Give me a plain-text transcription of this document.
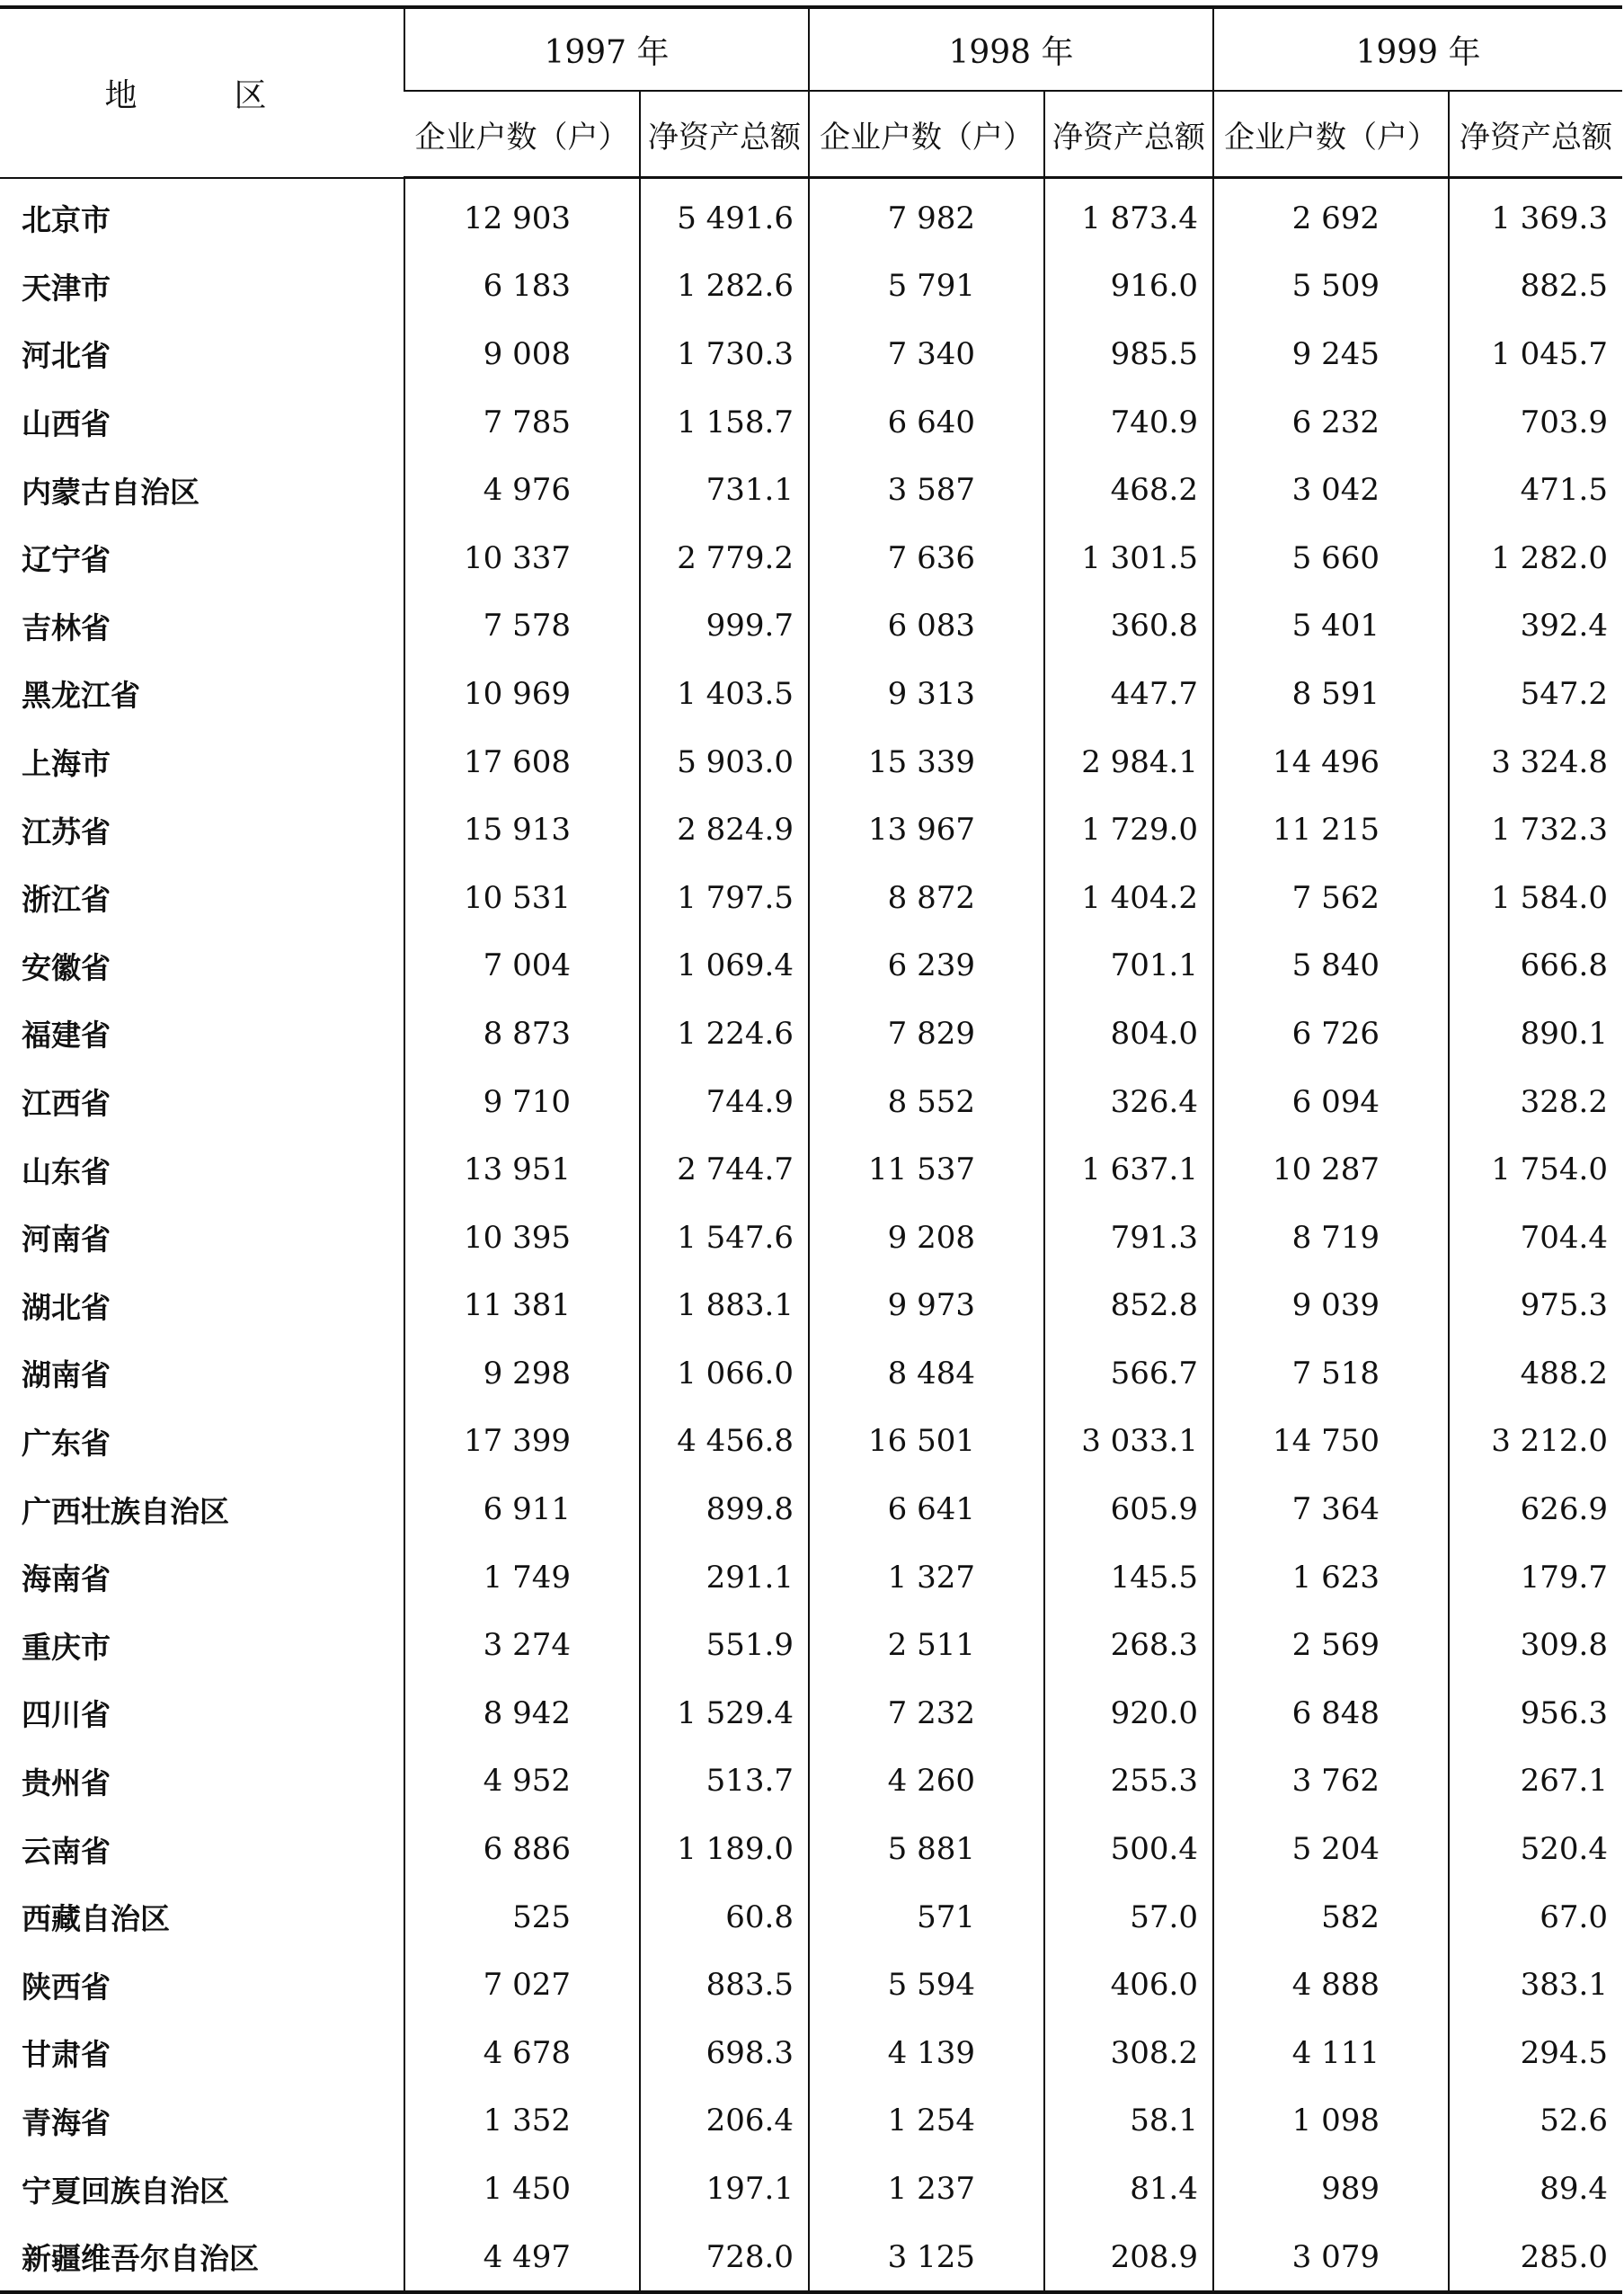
地　区	1997 年		1998 年		1999 年	
	企业户数（户）	净资产总额	企业户数（户）	净资产总额	企业户数（户）	净资产总额
北京市	12 903	5 491.6	7 982	1 873.4	2 692	1 369.3
天津市	6 183	1 282.6	5 791	916.0	5 509	882.5
河北省	9 008	1 730.3	7 340	985.5	9 245	1 045.7
山西省	7 785	1 158.7	6 640	740.9	6 232	703.9
内蒙古自治区	4 976	731.1	3 587	468.2	3 042	471.5
辽宁省	10 337	2 779.2	7 636	1 301.5	5 660	1 282.0
吉林省	7 578	999.7	6 083	360.8	5 401	392.4
黑龙江省	10 969	1 403.5	9 313	447.7	8 591	547.2
上海市	17 608	5 903.0	15 339	2 984.1	14 496	3 324.8
江苏省	15 913	2 824.9	13 967	1 729.0	11 215	1 732.3
浙江省	10 531	1 797.5	8 872	1 404.2	7 562	1 584.0
安徽省	7 004	1 069.4	6 239	701.1	5 840	666.8
福建省	8 873	1 224.6	7 829	804.0	6 726	890.1
江西省	9 710	744.9	8 552	326.4	6 094	328.2
山东省	13 951	2 744.7	11 537	1 637.1	10 287	1 754.0
河南省	10 395	1 547.6	9 208	791.3	8 719	704.4
湖北省	11 381	1 883.1	9 973	852.8	9 039	975.3
湖南省	9 298	1 066.0	8 484	566.7	7 518	488.2
广东省	17 399	4 456.8	16 501	3 033.1	14 750	3 212.0
广西壮族自治区	6 911	899.8	6 641	605.9	7 364	626.9
海南省	1 749	291.1	1 327	145.5	1 623	179.7
重庆市	3 274	551.9	2 511	268.3	2 569	309.8
四川省	8 942	1 529.4	7 232	920.0	6 848	956.3
贵州省	4 952	513.7	4 260	255.3	3 762	267.1
云南省	6 886	1 189.0	5 881	500.4	5 204	520.4
西藏自治区	525	60.8	571	57.0	582	67.0
陕西省	7 027	883.5	5 594	406.0	4 888	383.1
甘肃省	4 678	698.3	4 139	308.2	4 111	294.5
青海省	1 352	206.4	1 254	58.1	1 098	52.6
宁夏回族自治区	1 450	197.1	1 237	81.4	989	89.4
新疆维吾尔自治区	4 497	728.0	3 125	208.9	3 079	285.0
